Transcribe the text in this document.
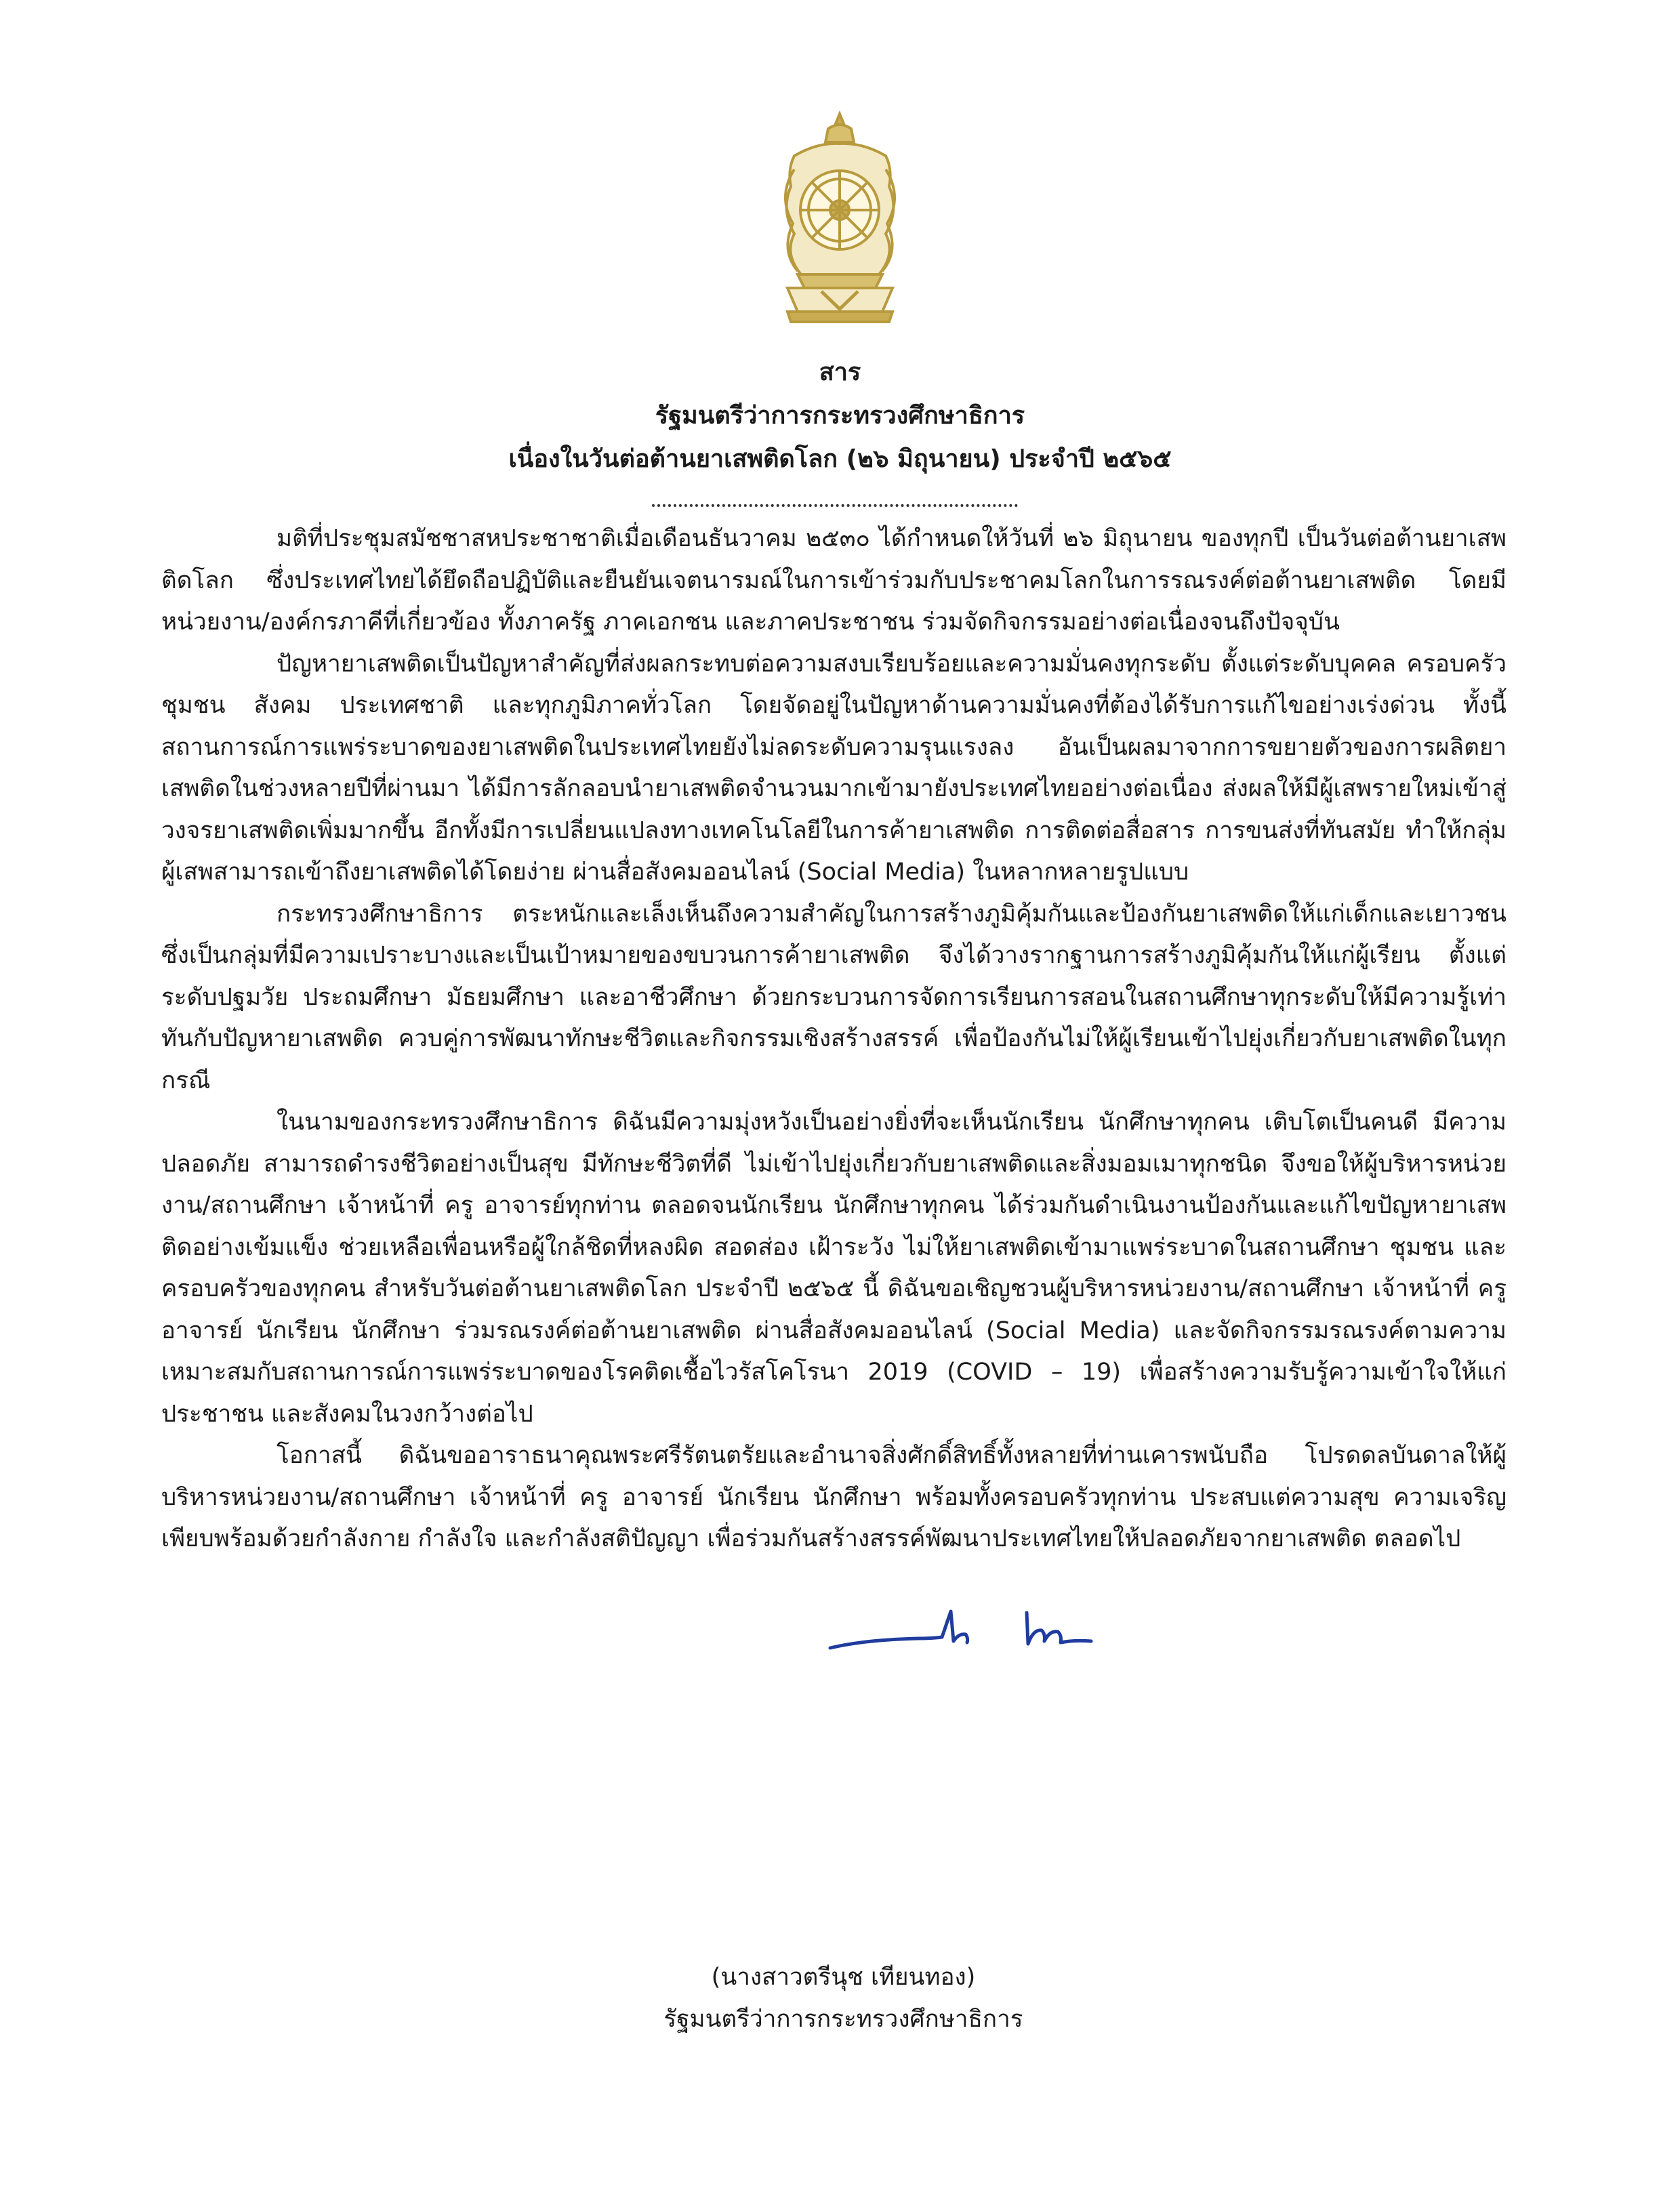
สาร
รัฐมนตรีว่าการกระทรวงศึกษาธิการ
เนื่องในวันต่อต้านยาเสพติดโลก (๒๖ มิถุนายน) ประจำปี ๒๕๖๕

มติที่ประชุมสมัชชาสหประชาชาติเมื่อเดือนธันวาคม ๒๕๓๐ ได้กำหนดให้วันที่ ๒๖ มิถุนายน ของทุกปี เป็นวันต่อต้านยาเสพติดโลก ซึ่งประเทศไทยได้ยึดถือปฏิบัติและยืนยันเจตนารมณ์ในการเข้าร่วมกับประชาคมโลกในการรณรงค์ต่อต้านยาเสพติด โดยมีหน่วยงาน/องค์กรภาคีที่เกี่ยวข้อง ทั้งภาครัฐ ภาคเอกชน และภาคประชาชน ร่วมจัดกิจกรรมอย่างต่อเนื่องจนถึงปัจจุบัน

ปัญหายาเสพติดเป็นปัญหาสำคัญที่ส่งผลกระทบต่อความสงบเรียบร้อยและความมั่นคงทุกระดับ ตั้งแต่ระดับบุคคล ครอบครัว ชุมชน สังคม ประเทศชาติ และทุกภูมิภาคทั่วโลก โดยจัดอยู่ในปัญหาด้านความมั่นคงที่ต้องได้รับการแก้ไขอย่างเร่งด่วน ทั้งนี้ สถานการณ์การแพร่ระบาดของยาเสพติดในประเทศไทยยังไม่ลดระดับความรุนแรงลง อันเป็นผลมาจากการขยายตัวของการผลิตยาเสพติดในช่วงหลายปีที่ผ่านมา ได้มีการลักลอบนำยาเสพติดจำนวนมากเข้ามายังประเทศไทยอย่างต่อเนื่อง ส่งผลให้มีผู้เสพรายใหม่เข้าสู่วงจรยาเสพติดเพิ่มมากขึ้น อีกทั้งมีการเปลี่ยนแปลงทางเทคโนโลยีในการค้ายาเสพติด การติดต่อสื่อสาร การขนส่งที่ทันสมัย ทำให้กลุ่มผู้เสพสามารถเข้าถึงยาเสพติดได้โดยง่าย ผ่านสื่อสังคมออนไลน์ (Social Media) ในหลากหลายรูปแบบ

กระทรวงศึกษาธิการ ตระหนักและเล็งเห็นถึงความสำคัญในการสร้างภูมิคุ้มกันและป้องกันยาเสพติดให้แก่เด็กและเยาวชน ซึ่งเป็นกลุ่มที่มีความเปราะบางและเป็นเป้าหมายของขบวนการค้ายาเสพติด จึงได้วางรากฐานการสร้างภูมิคุ้มกันให้แก่ผู้เรียน ตั้งแต่ระดับปฐมวัย ประถมศึกษา มัธยมศึกษา และอาชีวศึกษา ด้วยกระบวนการจัดการเรียนการสอนในสถานศึกษาทุกระดับให้มีความรู้เท่าทันกับปัญหายาเสพติด ควบคู่การพัฒนาทักษะชีวิตและกิจกรรมเชิงสร้างสรรค์ เพื่อป้องกันไม่ให้ผู้เรียนเข้าไปยุ่งเกี่ยวกับยาเสพติดในทุกกรณี

ในนามของกระทรวงศึกษาธิการ ดิฉันมีความมุ่งหวังเป็นอย่างยิ่งที่จะเห็นนักเรียน นักศึกษาทุกคน เติบโตเป็นคนดี มีความปลอดภัย สามารถดำรงชีวิตอย่างเป็นสุข มีทักษะชีวิตที่ดี ไม่เข้าไปยุ่งเกี่ยวกับยาเสพติดและสิ่งมอมเมาทุกชนิด จึงขอให้ผู้บริหารหน่วยงาน/สถานศึกษา เจ้าหน้าที่ ครู อาจารย์ทุกท่าน ตลอดจนนักเรียน นักศึกษาทุกคน ได้ร่วมกันดำเนินงานป้องกันและแก้ไขปัญหายาเสพติดอย่างเข้มแข็ง ช่วยเหลือเพื่อนหรือผู้ใกล้ชิดที่หลงผิด สอดส่อง เฝ้าระวัง ไม่ให้ยาเสพติดเข้ามาแพร่ระบาดในสถานศึกษา ชุมชน และครอบครัวของทุกคน สำหรับวันต่อต้านยาเสพติดโลก ประจำปี ๒๕๖๕ นี้ ดิฉันขอเชิญชวนผู้บริหารหน่วยงาน/สถานศึกษา เจ้าหน้าที่ ครู อาจารย์ นักเรียน นักศึกษา ร่วมรณรงค์ต่อต้านยาเสพติด ผ่านสื่อสังคมออนไลน์ (Social Media) และจัดกิจกรรมรณรงค์ตามความเหมาะสมกับสถานการณ์การแพร่ระบาดของโรคติดเชื้อไวรัสโคโรนา 2019 (COVID – 19) เพื่อสร้างความรับรู้ความเข้าใจให้แก่ประชาชน และสังคมในวงกว้างต่อไป

โอกาสนี้ ดิฉันขออาราธนาคุณพระศรีรัตนตรัยและอำนาจสิ่งศักดิ์สิทธิ์ทั้งหลายที่ท่านเคารพนับถือ โปรดดลบันดาลให้ผู้บริหารหน่วยงาน/สถานศึกษา เจ้าหน้าที่ ครู อาจารย์ นักเรียน นักศึกษา พร้อมทั้งครอบครัวทุกท่าน ประสบแต่ความสุข ความเจริญ เพียบพร้อมด้วยกำลังกาย กำลังใจ และกำลังสติปัญญา เพื่อร่วมกันสร้างสรรค์พัฒนาประเทศไทยให้ปลอดภัยจากยาเสพติด ตลอดไป

(นางสาวตรีนุช เทียนทอง)
รัฐมนตรีว่าการกระทรวงศึกษาธิการ
